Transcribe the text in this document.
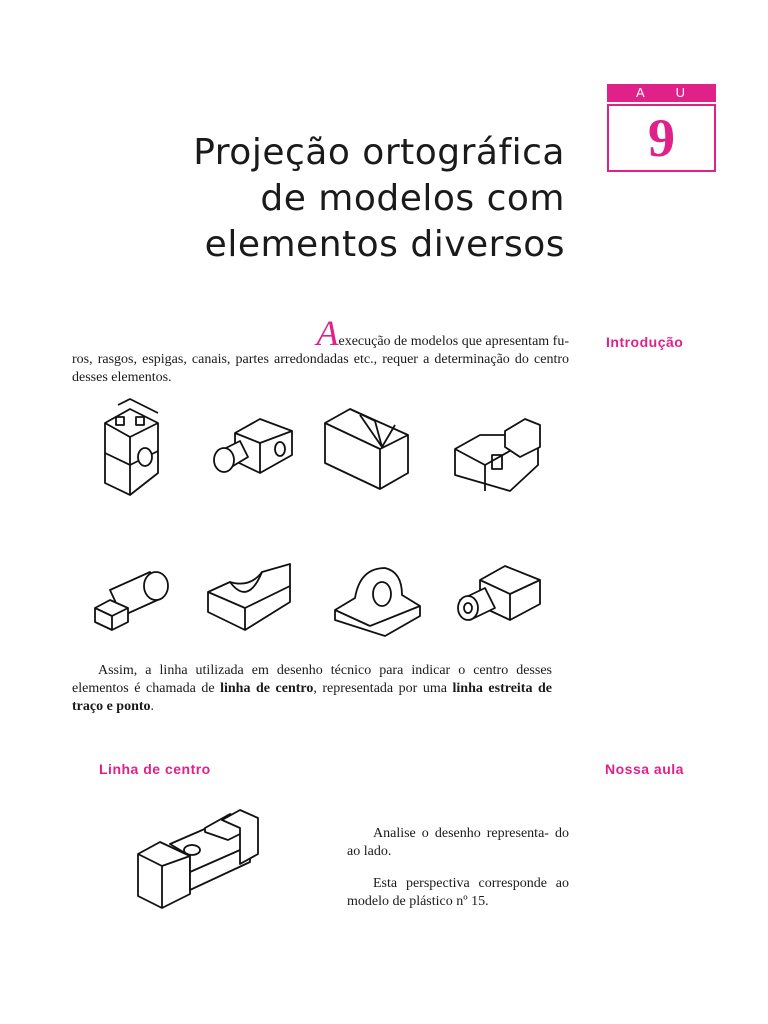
A U L A
9
Projeção ortográfica
de modelos com
elementos diversos
Introdução
Aexecução de modelos que apresentam fu-
ros, rasgos, espigas, canais, partes arredondadas etc., requer a determinação do centro desses elementos.
Assim, a linha utilizada em desenho técnico para indicar o centro desses elementos é chamada de linha de centro, representada por uma linha estreita de traço e ponto.
Linha de centro	Nossa aula
Analise o desenho representa- do ao lado.
Esta perspectiva corresponde ao modelo de plástico nº 15.
